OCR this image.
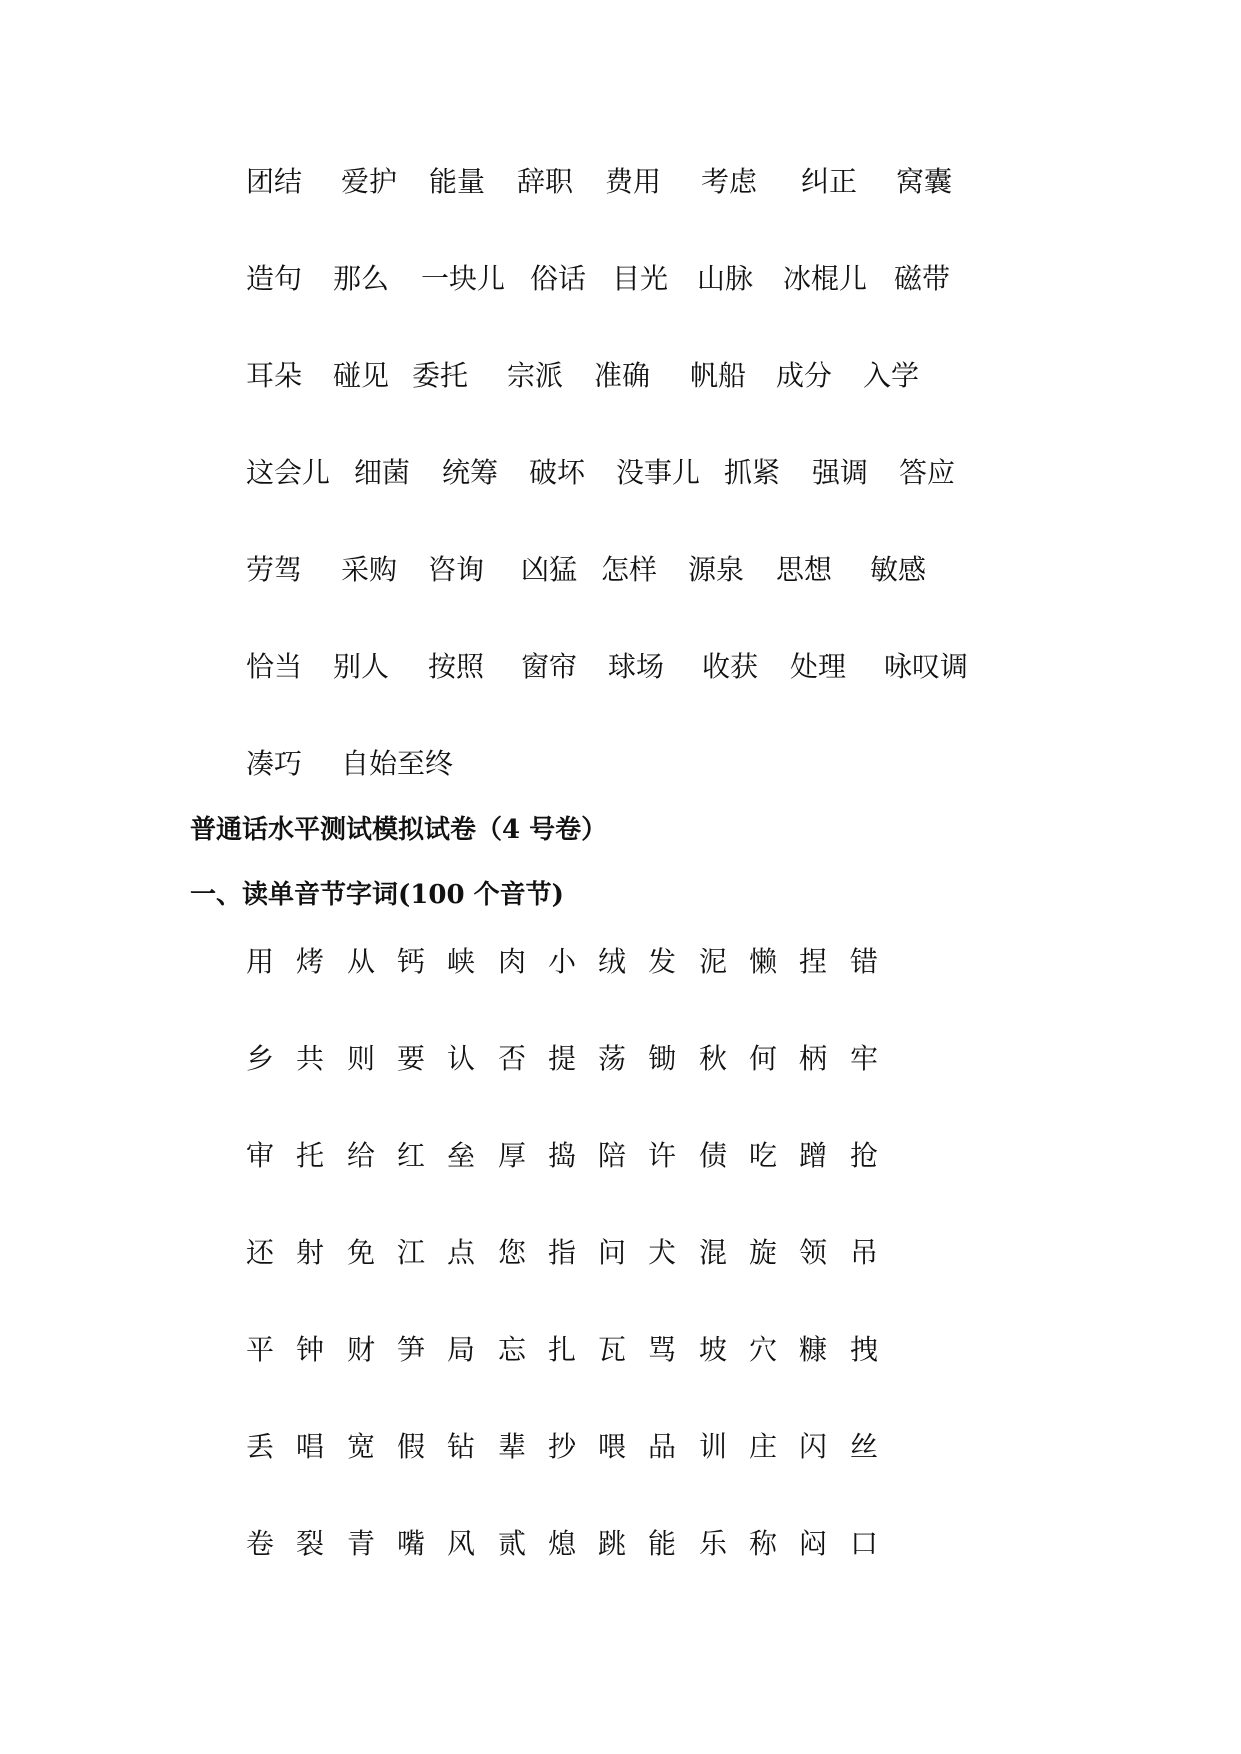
团结 爱护 能量 辞职 费用 考虑 纠正 窝囊
造句 那么 一块儿 俗话 目光 山脉 冰棍儿 磁带
耳朵 碰见 委托 宗派 准确 帆船 成分 入学
这会儿 细菌 统筹 破坏 没事儿 抓紧 强调 答应
劳驾 采购 咨询 凶猛 怎样 源泉 思想 敏感
恰当 别人 按照 窗帘 球场 收获 处理 咏叹调
凑巧 自始至终
普通话水平测试模拟试卷（4 号卷）
一、读单音节字词(100 个音节)
用 烤 从 钙 峡 肉 小 绒 发 泥 懒 捏 错
乡 共 则 要 认 否 提 荡 锄 秋 何 柄 牢
审 托 给 红 垒 厚 捣 陪 许 债 吃 蹭 抢
还 射 免 江 点 您 指 问 犬 混 旋 领 吊
平 钟 财 笋 局 忘 扎 瓦 骂 坡 穴 糠 拽
丢 唱 宽 假 钻 辈 抄 喂 品 训 庄 闪 丝
卷 裂 青 嘴 风 贰 熄 跳 能 乐 称 闷 口
